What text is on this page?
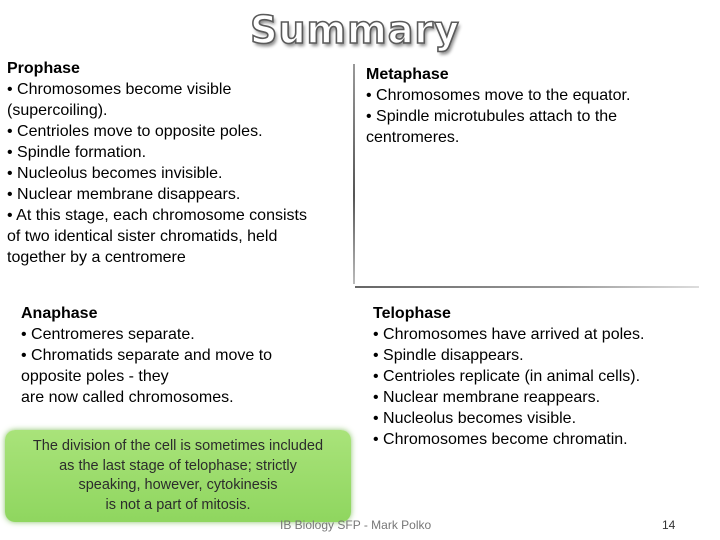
Summary
Prophase
• Chromosomes become visible
(supercoiling).
• Centrioles move to opposite poles.
• Spindle formation.
• Nucleolus becomes invisible.
• Nuclear membrane disappears.
• At this stage, each chromosome consists
of two identical sister chromatids, held
together by a centromere
Metaphase
• Chromosomes move to the equator.
• Spindle microtubules attach to the
centromeres.
Anaphase
• Centromeres separate.
• Chromatids separate and move to
opposite poles - they
are now called chromosomes.
Telophase
• Chromosomes have arrived at poles.
• Spindle disappears.
• Centrioles replicate (in animal cells).
• Nuclear membrane reappears.
• Nucleolus becomes visible.
• Chromosomes become chromatin.
The division of the cell is sometimes included
as the last stage of telophase; strictly
speaking, however, cytokinesis
is not a part of mitosis.
IB Biology SFP - Mark Polko	14
